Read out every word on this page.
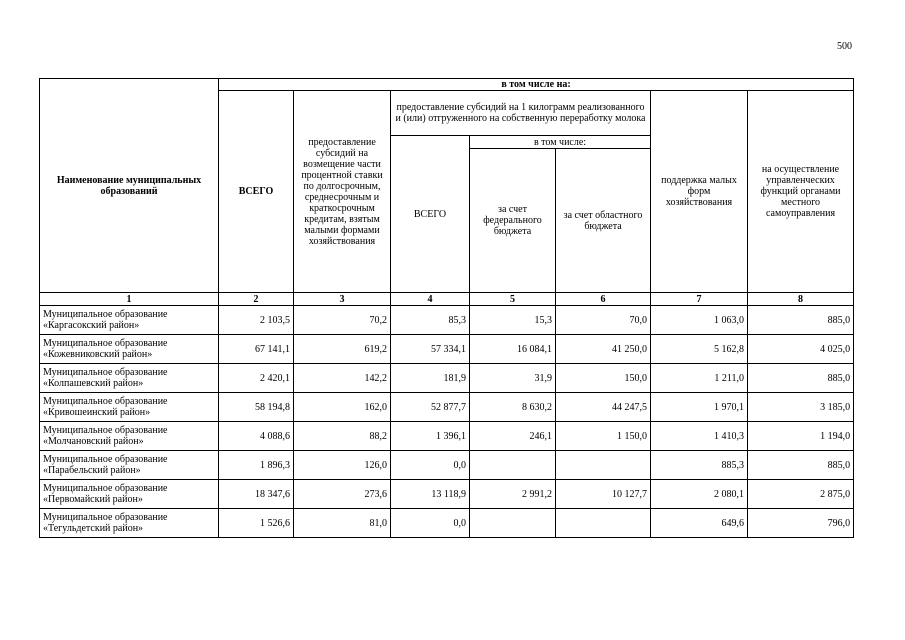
500
Наименование муниципальных образований	в том числе на:						
	ВСЕГО	предоставление субсидий на возмещение части процентной ставки по долгосрочным, среднесрочным и краткосрочным кредитам, взятым малыми формами хозяйствования	предоставление субсидий на 1 килограмм реализованного и (или) отгруженного на собственную переработку молока			поддержка малых форм хозяйствования	на осуществление управленческих функций органами местного самоуправления
			ВСЕГО	в том числе:			
				за счет федерального бюджета	за счет областного бюджета		
1	2	3	4	5	6	7	8
Муниципальное образование «Каргасокский район»	2 103,5	70,2	85,3	15,3	70,0	1 063,0	885,0
Муниципальное образование «Кожевниковский район»	67 141,1	619,2	57 334,1	16 084,1	41 250,0	5 162,8	4 025,0
Муниципальное образование «Колпашевский район»	2 420,1	142,2	181,9	31,9	150,0	1 211,0	885,0
Муниципальное образование «Кривошеинский район»	58 194,8	162,0	52 877,7	8 630,2	44 247,5	1 970,1	3 185,0
Муниципальное образование «Молчановский район»	4 088,6	88,2	1 396,1	246,1	1 150,0	1 410,3	1 194,0
Муниципальное образование «Парабельский район»	1 896,3	126,0	0,0			885,3	885,0
Муниципальное образование «Первомайский район»	18 347,6	273,6	13 118,9	2 991,2	10 127,7	2 080,1	2 875,0
Муниципальное образование «Тегульдетский район»	1 526,6	81,0	0,0			649,6	796,0
